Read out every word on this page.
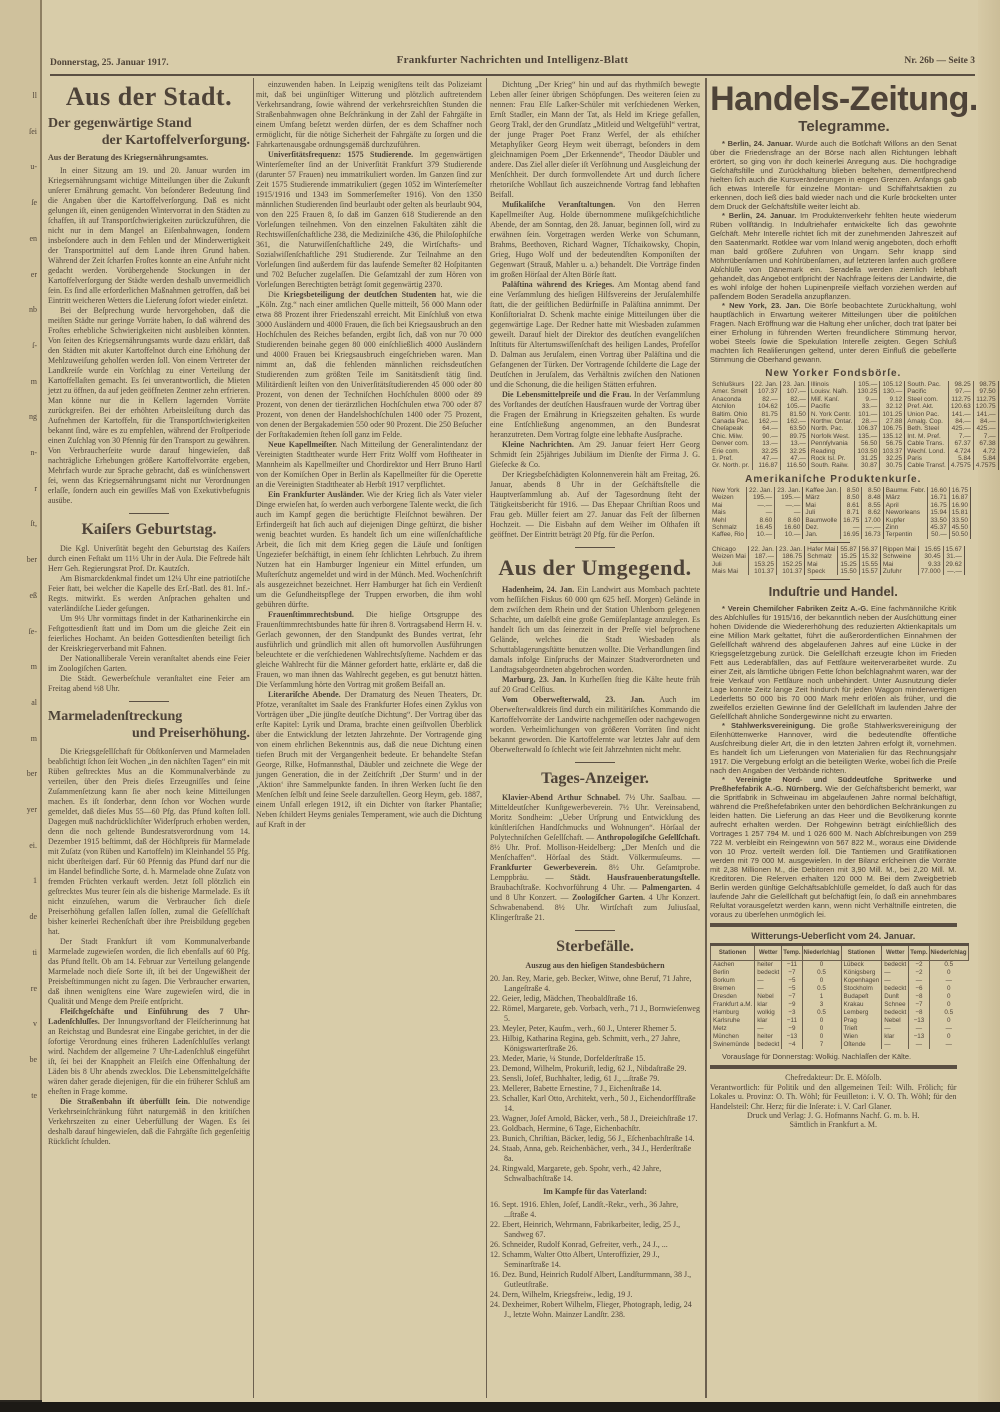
ll

ſei

u-

ſe

en

er

nb

ſ-

m

ng

n-

r

ſt,

ber

eß

ſe-

m

al

m

ber

yer

ei.

1

de

ti

re

v

be

te

Donnerstag, 25. Januar 1917.	Frankfurter Nachrichten und Intelligenz-Blatt	Nr. 26b — Seite 3
Aus der Stadt.
Der gegenwärtige Stand
der Kartoffelverſorgung.
Aus der Beratung des Kriegsernährungsamtes.

In einer Sitzung am 19. und 20. Januar wurden im Kriegsernährungsamt wichtige Mitteilungen über die Zukunft unſerer Ernährung gemacht. Von beſonderer Bedeutung ſind die Angaben über die Kartoffelverſorgung. Daß es nicht gelungen iſt, einen genügenden Wintervorrat in den Städten zu ſchaffen, iſt auf Transportſchwierigkeiten zurückzuführen, die nicht nur in dem Mangel an Eiſenbahnwagen, ſondern insbeſondere auch in dem Fehlen und der Minderwertigkeit der Transportmittel auf dem Lande ihren Grund haben. Während der Zeit ſcharfen Froſtes konnte an eine Anfuhr nicht gedacht werden. Vorübergehende Stockungen in der Kartoffelverſorgung der Städte werden deshalb unvermeidlich ſein. Es ſind alle erforderlichen Maßnahmen getroffen, daß bei Eintritt weicheren Wetters die Lieferung ſofort wieder einſetzt.

Bei der Beſprechung wurde hervorgehoben, daß die meiſten Städte nur geringe Vorräte haben, ſo daß während des Froſtes erhebliche Schwierigkeiten nicht ausbleiben könnten. Von ſeiten des Kriegsernährungsamts wurde dazu erklärt, daß den Städten mit akuter Kartoffelnot durch eine Erhöhung der Mehlzuweiſung geholfen werden ſoll. Von einem Vertreter der Landkreiſe wurde ein Vorſchlag zu einer Verteilung der Kartoffellaſten gemacht. Es ſei unverantwortlich, die Mieten jetzt zu öffnen, da auf jeden geöffneten Zentner zehn erfrieren. Man könne nur die in Kellern lagernden Vorräte zurückgreifen. Bei der erhöhten Arbeitsleiſtung durch das Aufnehmen der Kartoffeln, für die Transportſchwierigkeiten bekannt ſind, wäre es zu empfehlen, während der Froſtperiode einen Zuſchlag von 30 Pfennig für den Transport zu gewähren. Von Verbraucherſeite wurde darauf hingewieſen, daß nachträgliche Erhebungen größere Kartoffelvorräte ergeben, Mehrfach wurde zur Sprache gebracht, daß es wünſchenswert ſei, wenn das Kriegsernährungsamt nicht nur Verordnungen erlaſſe, ſondern auch ein gewiſſes Maß von Exekutivbefugnis ausübe.

Kaiſers Geburtstag.

Die Kgl. Univerſität begeht den Geburtstag des Kaiſers durch einen Feſtakt um 11½ Uhr in der Aula. Die Feſtrede hält Herr Geh. Regierungsrat Prof. Dr. Kautzſch.

Am Bismarckdenkmal findet um 12¼ Uhr eine patriotiſche Feier ſtatt, bei welcher die Kapelle des Erſ.-Batl. des 81. Inf.-Regts. mitwirkt. Es werden Anſprachen gehalten und vaterländiſche Lieder geſungen.

Um 9½ Uhr vormittags findet in der Katharinenkirche ein Feſtgottesdienſt ſtatt und im Dom um die gleiche Zeit ein feierliches Hochamt. An beiden Gottesdienſten beteiligt ſich der Kreiskriegerverband mit Fahnen.

Der Nationalliberale Verein veranſtaltet abends eine Feier im Zoologiſchen Garten.

Die Städt. Gewerbeſchule veranſtaltet eine Feier am Freitag abend ½8 Uhr.

Marmeladenſtreckung
und Preiserhöhung.

Die Kriegsgeſellſchaft für Obſtkonſerven und Marmeladen beabſichtigt ſchon ſeit Wochen „in den nächſten Tagen“ ein mit Rüben geſtrecktes Mus an die Kommunalverbände zu verteilen, über den Preis dieſes Erzeugniſſes und ſeine Zuſammenſetzung kann ſie aber noch keine Mitteilungen machen. Es iſt ſonderbar, denn ſchon vor Wochen wurde gemeldet, daß dieſes Mus 55—60 Pfg. das Pfund koſten ſoll. Dagegen muß nachdrücklichſter Widerſpruch erhoben werden, denn die noch geltende Bundesratsverordnung vom 14. Dezember 1915 beſtimmt, daß der Höchſtpreis für Marmelade mit Zuſatz (von Rüben und Kartoffeln) im Kleinhandel 55 Pfg. nicht überſteigen darf. Für 60 Pfennig das Pfund darf nur die im Handel befindliche Sorte, d. h. Marmelade ohne Zuſatz von fremden Früchten verkauft werden. Jetzt ſoll plötzlich ein geſtrecktes Mus teurer ſein als die bisherige Marmelade. Es iſt nicht einzuſehen, warum die Verbraucher ſich dieſe Preiserhöhung gefallen laſſen ſollen, zumal die Geſellſchaft bisher keinerlei Rechenſchaft über ihre Preisbildung gegeben hat.

Der Stadt Frankfurt iſt vom Kommunalverbande Marmelade zugewieſen worden, die ſich ebenfalls auf 60 Pfg. das Pfund ſtellt. Ob am 14. Februar zur Verteilung gelangende Marmelade noch dieſe Sorte iſt, iſt bei der Ungewißheit der Preisbeſtimmungen nicht zu ſagen. Die Verbraucher erwarten, daß ihnen wenigſtens eine Ware zugewieſen wird, die in Qualität und Menge dem Preiſe entſpricht.

Fleiſchgeſchäfte und Einführung des 7 Uhr-Ladenſchluſſes. Der Innungsvorſtand der Fleiſcherinnung hat an Reichstag und Bundesrat eine Eingabe gerichtet, in der die ſofortige Verordnung eines früheren Ladenſchluſſes verlangt wird. Nachdem der allgemeine 7 Uhr-Ladenſchluß eingeführt iſt, ſei bei der Knappheit an Fleiſch eine Offenhaltung der Läden bis 8 Uhr abends zwecklos. Die Lebensmittelgeſchäfte wären daher gerade diejenigen, für die ein früherer Schluß am eheſten in Frage komme.

Die Straßenbahn iſt überfüllt ſein. Die notwendige Verkehrseinſchränkung führt naturgemäß in den kritiſchen Verkehrszeiten zu einer Ueberfüllung der Wagen. Es ſei deshalb darauf hingewieſen, daß die Fahrgäſte ſich gegenſeitig Rückſicht ſchulden.

einzuwenden haben. In Leipzig wenigſtens teilt das Polizeiamt mit, daß bei ungünſtiger Witterung und plötzlich auftretendem Verkehrsandrang, ſowie während der verkehrsreichſten Stunden die Straßenbahnwagen ohne Beſchränkung in der Zahl der Fahrgäſte in einem Umfang beſetzt werden dürfen, der es dem Schaffner noch ermöglicht, für die nötige Sicherheit der Fahrgäſte zu ſorgen und die Fahrkartenausgabe ordnungsgemäß durchzuführen.

Univerſitätsfrequenz: 1575 Studierende. Im gegenwärtigen Winterſemeſter ſind an der Univerſität Frankfurt 379 Studierende (darunter 57 Frauen) neu immatrikuliert worden. Im Ganzen ſind zur Zeit 1575 Studierende immatrikuliert (gegen 1052 im Winterſemeſter 1915/1916 und 1343 im Sommerſemeſter 1916). Von den 1350 männlichen Studierenden ſind beurlaubt oder gelten als beurlaubt 904, von den 225 Frauen 8, ſo daß im Ganzen 618 Studierende an den Vorleſungen teilnehmen. Von den einzelnen Fakultäten zählt die Rechtswiſſenſchaftliche 238, die Mediziniſche 436, die Philoſophiſche 361, die Naturwiſſenſchaftliche 249, die Wirtſchafts- und Sozialwiſſenſchaftliche 291 Studierende. Zur Teilnahme an den Vorleſungen ſind außerdem für das laufende Semeſter 82 Hoſpitanten und 702 Beſucher zugelaſſen. Die Geſamtzahl der zum Hören von Vorleſungen Berechtigten beträgt ſomit gegenwärtig 2370.

Die Kriegsbeteiligung der deutſchen Studenten hat, wie die „Köln. Ztg.“ nach einer amtlichen Quelle mitteilt, 56 000 Mann oder etwa 88 Prozent ihrer Friedenszahl erreicht. Mit Einſchluß von etwa 3000 Ausländern und 4000 Frauen, die ſich bei Kriegsausbruch an den Hochſchulen des Reiches befanden, ergibt ſich, daß von nur 70 000 Studierenden beinahe gegen 80 000 einſchließlich 4000 Ausländern und 4000 Frauen bei Kriegsausbruch eingeſchrieben waren. Man nimmt an, daß die fehlenden männlichen reichsdeutſchen Studierenden zum größten Teile im Sanitätsdienſt tätig ſind. Militärdienſt leiſten von den Univerſitätsſtudierenden 45 000 oder 80 Prozent, von denen der Techniſchen Hochſchulen 8000 oder 89 Prozent, von denen der tierärztlichen Hochſchulen etwa 700 oder 87 Prozent, von denen der Handelshochſchulen 1400 oder 75 Prozent, von denen der Bergakademien 550 oder 90 Prozent. Die 250 Beſucher der Forſtakademien ſtehen ſoll ganz im Felde.

Neue Kapellmeiſter. Nach Mitteilung der Generalintendanz der Vereinigten Stadttheater wurde Herr Fritz Wolff vom Hoftheater in Mannheim als Kapellmeiſter und Chordirektor und Herr Bruno Hartl von der Komiſchen Oper in Berlin als Kapellmeiſter für die Operette an die Vereinigten Stadttheater ab Herbſt 1917 verpflichtet.

Ein Frankfurter Ausländer. Wie der Krieg ſich als Vater vieler Dinge erwieſen hat, ſo werden auch verborgene Talente weckt, die ſich auch im Kampf gegen die berüchtigte Fleiſchnot bewähren. Der Erfindergeiſt hat ſich auch auf diejenigen Dinge geſtürzt, die bisher wenig beachtet wurden. Es handelt ſich um eine wiſſenſchaftliche Arbeit, die ſich mit dem Krieg gegen die Läuſe und ſonſtigen Ungeziefer beſchäftigt, in einem ſehr ſchlichten Lehrbuch. Zu ihrem Nutzen hat ein Hamburger Ingenieur ein Mittel erfunden, um Muſterſchutz angemeldet und wird in der Münch. Med. Wochenſchrift als ausgezeichnet bezeichnet. Herr Hamburger hat ſich ein Verdienſt um die Geſundheitspflege der Truppen erworben, die ihm wohl gebühren dürfte.

Frauenſtimmrechtsbund. Die hieſige Ortsgruppe des Frauenſtimmrechtsbundes hatte für ihren 8. Vortragsabend Herrn H. v. Gerlach gewonnen, der den Standpunkt des Bundes vertrat, ſehr ausführlich und gründlich mit allen oft humorvollen Ausführungen beleuchtete er die verſchiedenen Wahlrechtsſyſteme. Nachdem er das gleiche Wahlrecht für die Männer gefordert hatte, erklärte er, daß die Frauen, wo man ihnen das Wahlrecht gegeben, es gut benutzt hätten. Die Verſammlung hörte den Vortrag mit großem Beifall an.

Literariſche Abende. Der Dramaturg des Neuen Theaters, Dr. Pfotze, veranſtaltet im Saale des Frankfurter Hofes einen Zyklus von Vorträgen über „Die jüngſte deutſche Dichtung“. Der Vortrag über das erſte Kapitel: Lyrik und Drama, brachte einen geiſtvollen Überblick über die Entwicklung der letzten Jahrzehnte. Der Vortragende ging von einem ehrlichen Bekenntnis aus, daß die neue Dichtung einen tiefen Bruch mit der Vergangenheit bedeute. Er behandelte Stefan George, Rilke, Hofmannsthal, Däubler und zeichnete die Wege der jungen Generation, die in der Zeitſchrift ‚Der Sturm‘ und in der ‚Aktion‘ ihre Sammelpunkte fanden. In ihren Werken ſucht ſie den Menſchen ſelbſt und ſeine Seele darzuſtellen. Georg Heym, geb. 1887, einem Unfall erlegen 1912, iſt ein Dichter von ſtarker Phantaſie; Neben ſchildert Heyms geniales Temperament, wie auch die Dichtung auf Kraft in der

Dichtung „Der Krieg“ hin und auf das rhythmiſch bewegte Leben aller ſeiner übrigen Schöpfungen. Des weiteren ſeien zu nennen: Frau Elſe Laſker-Schüler mit verſchiedenen Werken, Ernſt Stadler, ein Mann der Tat, als Held im Kriege gefallen, Georg Trakl, der den Grundſatz „Mitleid und Weltgefühl“ vertrat, der junge Prager Poet Franz Werfel, der als ethiſcher Metaphyſiker Georg Heym weit überragt, beſonders in dem gleichnamigen Poem „Der Erkennende“, Theodor Däubler und andere. Das Ziel aller dieſer iſt Verſöhnung und Ausgleichung der Menſchheit. Der durch formvollendete Art und durch ſichere rhetoriſche Wohllaut ſich auszeichnende Vortrag fand lebhaften Beifall.

Muſikaliſche Veranſtaltungen. Von den Herren Kapellmeiſter Aug. Holde übernommene muſikgeſchichtliche Abende, der am Sonntag, den 28. Januar, beginnen ſoll, wird zu erwähnen ſein. Vorgetragen werden Werke von Schumann, Brahms, Beethoven, Richard Wagner, Tſchaikowsky, Chopin, Grieg, Hugo Wolf und der bedeutendſten Komponiſten der Gegenwart (Strauß, Mahler u. a.) behandelt. Die Vorträge finden im großen Hörſaal der Alten Börſe ſtatt.

Paläſtina während des Krieges. Am Montag abend fand eine Verſammlung des hieſigen Hilfsvereins der Jeruſalemhilfe ſtatt, die der geiſtlichen Bedürfniſſe in Paläſtina annimmt. Der Konſiſtorialrat D. Schenk machte einige Mitteilungen über die gegenwärtige Lage. Der Redner hatte mit Wiesbaden zuſammen geweilt. Darauf hielt der Direktor des deutſchen evangeliſchen Inſtituts für Altertumswiſſenſchaft des heiligen Landes, Profeſſor D. Dalman aus Jeruſalem, einen Vortrag über Paläſtina und die Gefangenen der Türken. Der Vortragende ſchilderte die Lage der Deutſchen in Jeruſalem, das Verhältnis zwiſchen den Nationen und die Schonung, die die heiligen Stätten erfuhren.

Die Lebensmittelpreiſe und die Frau. In der Verſammlung des Vorſtandes der deutſchen Hausfrauen wurde der Vortrag über die Fragen der Ernährung in Kriegszeiten gehalten. Es wurde eine Entſchließung angenommen, an den Bundesrat heranzutreten. Dem Vortrag folgte eine lebhafte Ausſprache.

Kleine Nachrichten. Am 29. Januar feiert Herr Georg Schmidt ſein 25jähriges Jubiläum im Dienſte der Firma J. G. Gieſecke & Co.

Der Kriegsbeſchädigten Kolonnenverein hält am Freitag, 26. Januar, abends 8 Uhr in der Geſchäftsſtelle die Hauptverſammlung ab. Auf der Tagesordnung ſteht der Tätigkeitsbericht für 1916. — Das Ehepaar Chriſtian Roos und Frau geb. Müller feiert am 27. Januar das Feſt der ſilbernen Hochzeit. — Die Eisbahn auf dem Weiher im Oſthafen iſt geöffnet. Der Eintritt beträgt 20 Pfg. für die Perſon.

Aus der Umgegend.

Hadenheim, 24. Jan. Ein Landwirt aus Mombach pachtete vom heſſiſchen Fiskus 60 000 qm 625 heſſ. Morgen) Gelände in dem zwiſchen dem Rhein und der Station Uhlenborn gelegenen Schachte, um daſelbſt eine große Gemüſeplantage anzulegen. Es handelt ſich um das ſeinerzeit in der Preſſe viel beſprochene Gelände, welches die Stadt Wiesbaden als Schuttablagerungsſtätte benutzen wollte. Die Verhandlungen ſind damals infolge Einſpruchs der Mainzer Stadtverordneten und Landtagsabgeordneten abgebrochen worden.

Marburg, 23. Jan. In Kurheſſen ſtieg die Kälte heute früh auf 20 Grad Celſius.

Vom Oberweſterwald, 23. Jan. Auch im Oberweſterwaldkreis ſind durch ein militäriſches Kommando die Kartoffelvorräte der Landwirte nachgemeſſen oder nachgewogen worden. Verheimlichungen von größeren Vorräten ſind nicht bekannt geworden. Die Kartoffelernte war letztes Jahr auf dem Oberweſterwald ſo ſchlecht wie ſeit Jahrzehnten nicht mehr.

Tages-Anzeiger.

Klavier-Abend Arthur Schnabel. 7½ Uhr. Saalbau. — Mitteldeutſcher Kunſtgewerbeverein. 7½ Uhr. Vereinsabend, Moritz Sondheim: „Ueber Urſprung und Entwicklung des künſtleriſchen Handſchmucks und Wohnungen“. Hörſaal der Polytechniſchen Geſellſchaft. — Anthropologiſche Geſellſchaft. 8½ Uhr. Prof. Mollison-Heidelberg: „Der Menſch und die Menſchaffen“. Hörſaal des Städt. Völkermuſeums. — Frankfurter Gewerbeverein. 8½ Uhr. Geſamtprobe. Lemppbräu. — Städt. Hausfrauenberatungsſtelle. Braubachſtraße. Kochvorführung 4 Uhr. — Palmengarten. 4 und 8 Uhr Konzert. — Zoologiſcher Garten. 4 Uhr Konzert. Schwabenabend. 8½ Uhr. Wirtſchaft zum Juliusſaal, Klingerſtraße 21.

Sterbefälle.
Auszug aus den hieſigen Standesbüchern

20. Jan. Rey, Marie, geb. Becker, Witwe, ohne Beruf, 71 Jahre, Langeſtraße 4.

22. Geier, ledig, Mädchen, Theobaldſtraße 16.

22. Römel, Margarete, geb. Vorbach, verh., 71 J., Bornwieſenweg 5.

23. Meyler, Peter, Kaufm., verh., 60 J., Unterer Rhemer 5.

23. Hilbig, Katharina Regina, geb. Schmitt, verh., 27 Jahre, Königswarterſtraße 26.

23. Meder, Marie, ¼ Stunde, Dorfelderſtraße 15.

23. Demond, Wilhelm, Prokuriſt, ledig, 62 J., Nibdaſtraße 29.

23. Sensli, Joſef, Buchhalter, ledig, 61 J., ...ſtraße 79.

23. Mellerer, Babette Ernestine, 7 J., Eichenſtraße 14.

23. Schaller, Karl Otto, Architekt, verh., 50 J., Eichendorffſtraße 14.

23. Wagner, Joſef Arnold, Bäcker, verh., 58 J., Dreieichſtraße 17.

23. Goldbach, Hermine, 6 Tage, Eichenbachſtr.

23. Bunich, Chriſtian, Bäcker, ledig, 56 J., Eſchenbachſtraße 14.

24. Staab, Anna, geb. Reichenbächer, verh., 34 J., Herderſtraße 8a.

24. Ringwald, Margarete, geb. Spohr, verh., 42 Jahre, Schwalbachſtraße 14.

Im Kampfe für das Vaterland:

16. Sept. 1916. Ehlen, Joſef, Landſt.-Rekr., verh., 36 Jahre, ...ſtraße 4.

22. Ebert, Heinrich, Wehrmann, Fabrikarbeiter, ledig, 25 J., Sandweg 67.

26. Schneider, Rudolf Konrad, Gefreiter, verh., 24 J., ...

12. Schamm, Walter Otto Albert, Unteroffizier, 29 J., Seminarſtraße 14.

16. Dez. Bund, Heinrich Rudolf Albert, Landſturmmann, 38 J., Gutleutſtraße.

24. Dern, Wilhelm, Kriegsfreiw., ledig, 19 J.

24. Dexheimer, Robert Wilhelm, Flieger, Photograph, ledig, 24 J., letzte Wohn. Mainzer Landſtr. 238.

Handels-Zeitung.
Telegramme.

* Berlin, 24. Januar. Wurde auch die Botſchaft Wilſons an den Senat über die Friedensfrage an der Börse nach allen Richtungen lebhaft erörtert, so ging von ihr doch keinerlei Anregung aus. Die hochgradige Geſchäftsſtille und Zurückhaltung blieben beſtehen, dementſprechend hielten ſich auch die Kursveränderungen in engen Grenzen. Anfangs gab ſich etwas Intereſſe für einzelne Montan- und Schiffahrtsaktien zu erkennen, doch ließ dies bald wieder nach und die Kurſe bröckelten unter dem Druck der Geſchäftsſtille weiter leicht ab.

* Berlin, 24. Januar. Im Produktenverkehr fehlten heute wiederum Rüben vollſtändig. In Induſtriehafer entwickelte ſich das gewohnte Geſchäft. Mehr Intereſſe richtet ſich mit der zunehmenden Jahreszeit auf den Saatenmarkt. Rotklee war vom Inland wenig angeboten, doch erhofft man bald größere Zufuhren von Ungarn. Sehr knapp sind Möhrrübenſamen und Kohlrübenſamen, auf letzteren lanfen auch größere Abſchlüſſe von Dänemark ein. Seradella werden ziemlich lebhaft gehandelt, das Angebot entſpricht der Nachfrage ſeitens der Landwirte, die es wohl infolge der hohen Lupinenpreiſe vielfach vorziehen werden auf paſſendem Boden Seradella anzupflanzen.

* New York, 23. Jan. Die Börſe beobachtete Zurückhaltung, wohl hauptſächlich in Erwartung weiterer Mitteilungen über die politiſchen Fragen. Nach Eröffnung war die Haltung eher unſicher, doch trat ſpäter bei einer Erholung in führenden Werten freundlichere Stimmung hervor, wobei Steels ſowie die Spekulation Intereſſe zeigten. Gegen Schluß machten ſich Realiſierungen geltend, unter deren Einfluß die gebeſſerte Stimmung die Oberhand gewann.

New Yorker Fondsbörſe.
Schlußkurs	22. Jan.	23. Jan.
Amer. Smelt	107.37	107.—
Anaconda	82.—	82.—
Atchiſon	104.62	105.—
Baltim. Ohio	81.75	81.50
Canada Pac.	162.—	162.—
Cheſapeak	64.—	63.50
Chic. Milw.	90.—	89.75
Denver com.	13.—	13.—
Erie com.	32.25	32.25
1. Pref.	47.—	47.—
Gr. North. pr.	116.87	116.50
Illinois	105.—	105.12
Louisv. Naſh.	130.25	130.—
Miſſ. Kanſ.	9.—	9.12
Pacific	33.—	32.12
N. York Centr.	101.—	101.25
Northw. Ontar.	28.—	27.88
North. Pac.	106.37	106.75
Norfolk West.	135.—	135.12
Pennſylvania	56.50	56.75
Reading	103.50	103.37
Rock Isl. Pr.	31.25	32.25
South. Railw.	30.87	30.75
South. Pac.	98.25	98.75
Pacific	97.—	97.50
Steel com.	112.75	112.75
Pref. Akt.	120.63	120.75
Union Pac.	141.—	141.—
Amalg. Cop.	84.—	84.—
Beth. Steel	425.—	425.—
Int. M. Pref.	7.—	7.—
Cable Trans.	67.37	67.38
Wechſ. Lond.	4.724	4.72
Paris	5.84	5.84
Cable Transf.	4.7575	4.7575
Amerikaniſche Produktenkurſe.
New York	22. Jan.	23. Jan.
Weizen	195.—	195.—
Mai	—.—	—.—
Mais	—	—
Mehl	8.60	8.60
Schmalz	16.45	16.60
Kaffee, Rio	10.—	10.—
Kaffee Jan.	8.50	8.50
März	8.50	8.48
Mai	8.61	8.55
Juli	8.71	8.62
Baumwolle	16.75	17.00
Dez.	—	—.—
Jan.	16.95	16.73
Baumw. Febr.	16.60	16.75
März	16.71	16.87
April	16.75	16.90
Neworleans	15.94	15.81
Kupfer	33.50	33.50
Zinn	45.37	45.50
Terpentin	50.—	50.50
Chicago	22. Jan.	23. Jan.
Weizen Mai	187.—	186.75
Juli	153.25	152.25
Mais Mai	101.37	101.37
Hafer Mai	55.87	56.37
Schmalz	15.25	15.32
Mai	15.25	15.55
Speck	15.50	15.57
Rippen Mai	15.65	15.67
Schweine	30.45	31.—
Mai	9.33	29.62
Zufuhr	77.000	—.—
Induſtrie und Handel.

* Verein Chemiſcher Fabriken Zeitz A.-G. Eine fachmänniſche Kritik des Abſchluſſes für 1915/16, der bekanntlich neben der Ausſchüttung einer hohen Dividende die Wiedererhöhung des reduzierten Aktienkapitals um eine Million Mark geſtattet, führt die außerordentlichen Einnahmen der Geſellſchaft während des abgelaufenen Jahres auf eine Lücke in der Kriegsgeſetzgebung zurück. Die Geſellſchaft erzeugte ſchon im Frieden Fett aus Lederabfällen, das auf Fettſäure weiterverarbeitet wurde. Zu einer Zeit, als ſämtliche übrigen Fette ſchon beſchlagnahmt waren, war der freie Verkauf von Fettſäure noch unbehindert. Unter Ausnutzung dieſer Lage konnte Zeitz lange Zeit hindurch für jeden Waggon minderwertigen Lederfetts 50 000 bis 70 000 Mark mehr erlöſen als früher, und die zweifellos erzielten Gewinne ſind der Geſellſchaft im laufenden Jahre der Geſellſchaft ähnliche Sondergewinne nicht zu erwarten.

* Stahlwerksvereinigung. Die große Stahlwerksvereinigung der Eiſenhüttenwerke Hannover, wird die bedeutendſte öffentliche Ausſchreibung dieſer Art, die in den letzten Jahren erfolgt iſt, vornehmen. Es handelt ſich um Lieferungen von Materialien für das Rechnungsjahr 1917. Die Vergebung erfolgt an die beteiligten Werke, wobei ſich die Preiſe nach den Angaben der Verbände richten.

* Vereinigte Nord- und Süddeutſche Spritwerke und Preßhefefabrik A.-G. Nürnberg. Wie der Geſchäftsbericht bemerkt, war die Spritfabrik in Schweinau im abgelaufenen Jahre normal beſchäftigt, während die Preßhefefabriken unter den behördlichen Beſchränkungen zu leiden hatten. Die Lieferung an das Heer und die Bevölkerung konnte aufrecht erhalten werden. Der Rohgewinn beträgt einſchließlich des Vortrages 1 257 794 M. und 1 026 600 M. Nach Abſchreibungen von 259 722 M. verbleibt ein Reingewinn von 567 822 M., woraus eine Dividende von 10 Proz. verteilt werden ſoll. Die Tantiemen und Gratifikationen werden mit 79 000 M. ausgewieſen. In der Bilanz erſcheinen die Vorräte mit 2,38 Millionen M., die Debitoren mit 3,90 Mill. M., bei 2,20 Mill. M. Kreditoren. Die Reſerven erhalten 120 000 M. Bei dem Zweigbetrieb Berlin werden günſtige Geſchäftsabſchlüſſe gemeldet, ſo daß auch für das laufende Jahr die Geſellſchaft gut beſchäftigt ſein, ſo daß ein annehmbares Reſultat vorausgeſetzt werden kann, wenn nicht Verhältniſſe eintreten, die voraus zu überſehen unmöglich ſei.

Witterungs-Ueberſicht vom 24. Januar.
Stationen	Wetter	Temp.	Niederſchlag	Stationen	Wetter	Temp.	Niederſchlag
Aachen	heiter	−11	0	Lübeck	bedeckt	−2	0.5
Berlin	bedeckt	−7	0.5	Königsberg	—	−2	0
Borkum	—	−5	0	Kopenhagen	—	—	—
Bremen	—	−5	0.5	Stockholm	bedeckt	−6	0
Dresden	Nebel	−7	1	Budapeſt	Dunſt	−8	0
Frankfurt a.M.	klar	−9	3	Krakau	Schnee	−7	0
Hamburg	wolkig	−3	0.5	Lemberg	bedeckt	−8	0.5
Karlsruhe	klar	−11	0	Prag	Nebel	−13	0
Metz	—	−9	0	Trieſt	—	—	—
München	heiter	−13	0	Wien	klar	−13	0
Swinemünde	bedeckt	−4	7	Oſtende	—	—	—

Vorausſage für Donnerstag: Wolkig. Nachlaſſen der Kälte.

Chefredakteur: Dr. E. Möſolb.
Verantwortlich: für Politik und den allgemeinen Teil: Wilh. Frölich; für Lokales u. Provinz: O. Th. Wöhl; für Feuilleton: i. V. O. Th. Wöhl; für den Handelsteil: Chr. Herz; für die Inſerate: i. V. Carl Glaner.
Druck und Verlag: J. G. Hofmanns Nachf. G. m. b. H.
Sämtlich in Frankfurt a. M.
